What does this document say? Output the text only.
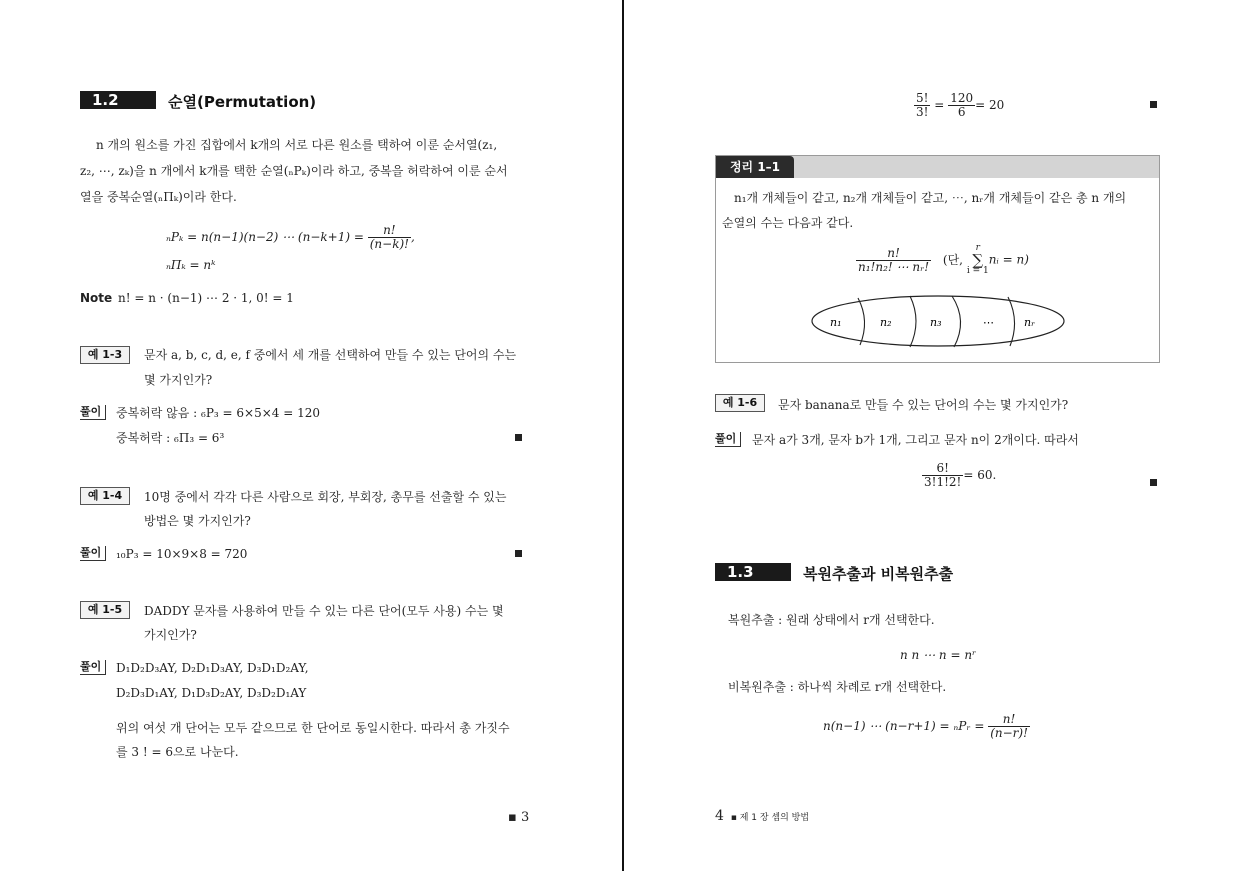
1.2	순열(Permutation)
n 개의 원소를 가진 집합에서 k개의 서로 다른 원소를 택하여 이룬 순서열(z₁,
z₂, ⋯, zₖ)을 n 개에서 k개를 택한 순열(ₙPₖ)이라 하고, 중복을 허락하여 이룬 순서
열을 중복순열(ₙΠₖ)이라 한다.
ₙPₖ = n(n−1)(n−2) ⋯ $(n-k+1) = \frac{n!}{(n-k)!}$ ,
ₙΠₖ = nᵏ
Note n! = n · (n−1) ⋯ 2 · 1, 0! = 1
예 1-3	문자 a, b, c, d, e, f 중에서 세 개를 선택하여 만들 수 있는 단어의 수는
몇 가지인가?
풀이	중복허락 않음 : ₆P₃ = 6×5×4 = 120
중복허락 : ₆Π₃ = 6³
예 1-4	10명 중에서 각각 다른 사람으로 회장, 부회장, 총무를 선출할 수 있는
방법은 몇 가지인가?
풀이	₁₀P₃ = 10×9×8 = 720
예 1-5	DADDY 문자를 사용하여 만들 수 있는 다른 단어(모두 사용) 수는 몇
가지인가?
풀이	D₁D₂D₃AY, D₂D₁D₃AY, D₃D₁D₂AY,
D₂D₃D₁AY, D₁D₃D₂AY, D₃D₂D₁AY
위의 여섯 개 단어는 모두 같으므로 한 단어로 동일시한다. 따라서 총 가짓수
를 3 ! = 6으로 나눈다.
▪ 3
$\frac{5!}{3!} = \frac{120}{6} = 20$
정리 1–1
n₁개 개체들이 같고, n₂개 개체들이 같고, ⋯, nᵣ개 개체들이 같은 총 n 개의
순열의 수는 다음과 같다.
$\frac{n!}{\text{n₁!n₂! ⋯ nᵣ!}}$ (단,
r
∑
i = 1
nᵢ = n)
n₁	n₂	n₃	⋯	nᵣ
예 1-6	문자 banana로 만들 수 있는 단어의 수는 몇 가지인가?
풀이	문자 a가 3개, 문자 b가 1개, 그리고 문자 n이 2개이다. 따라서
$\frac{6!}{3!1!2!} = 60$.
1.3	복원추출과 비복원추출
복원추출 : 원래 상태에서 r개 선택한다.
n n ⋯ n = nʳ
비복원추출 : 하나씩 차례로 r개 선택한다.
n(n−1) ⋯ (n−r+1) = ₙPᵣ = $\frac{n!}{(n-r)!}$
4 ▪ 제 1 장 셈의 방법
